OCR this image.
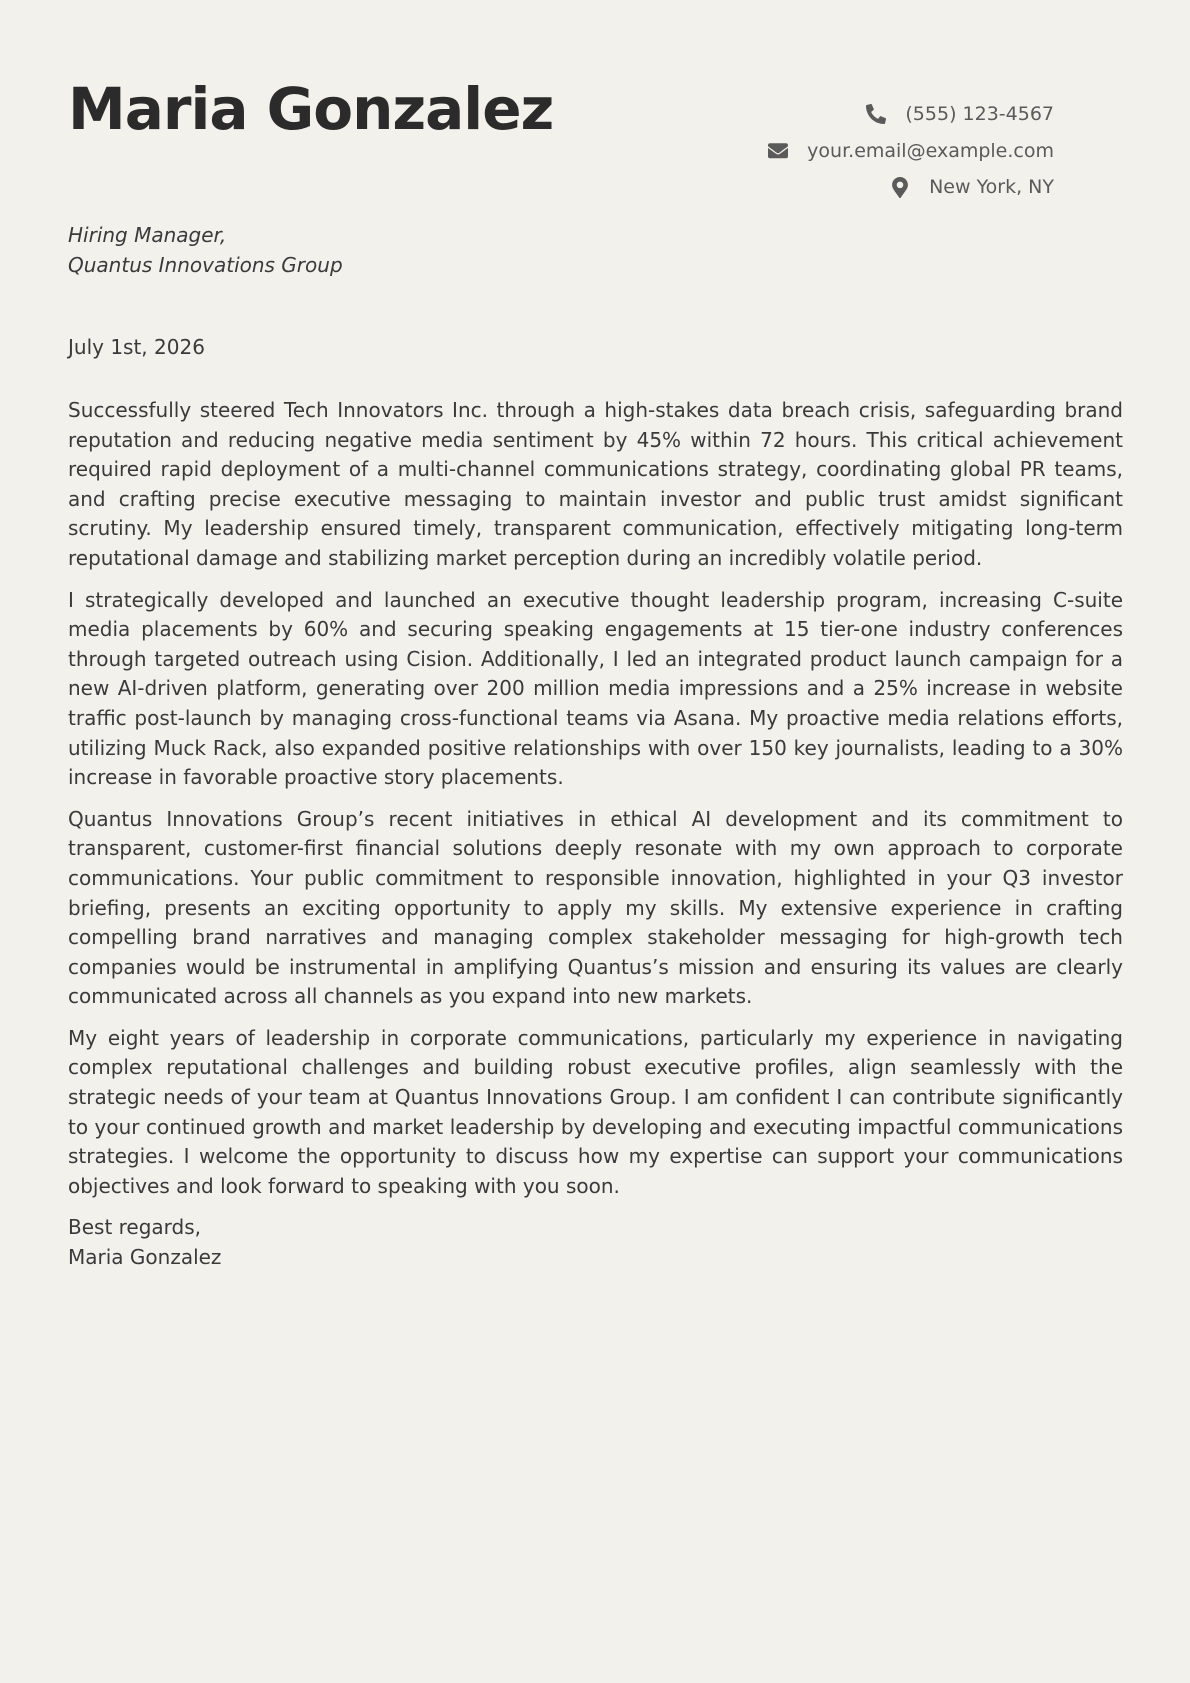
Maria Gonzalez	(555) 123-4567
your.email@example.com
New York, NY
Hiring Manager,
Quantus Innovations Group
July 1st, 2026

Successfully steered Tech Innovators Inc. through a high-stakes data breach crisis, safeguarding brand reputation and reducing negative media sentiment by 45% within 72 hours. This critical achievement required rapid deployment of a multi-channel communications strategy, coordinating global PR teams, and crafting precise executive messaging to maintain investor and public trust amidst significant scrutiny. My leadership ensured timely, transparent communication, effectively mitigating long-term reputational damage and stabilizing market perception during an incredibly volatile period.

I strategically developed and launched an executive thought leadership program, increasing C-suite media placements by 60% and securing speaking engagements at 15 tier-one industry conferences through targeted outreach using Cision. Additionally, I led an integrated product launch campaign for a new AI-driven platform, generating over 200 million media impressions and a 25% increase in website traffic post-launch by managing cross-functional teams via Asana. My proactive media relations efforts, utilizing Muck Rack, also expanded positive relationships with over 150 key journalists, leading to a 30% increase in favorable proactive story placements.

Quantus Innovations Group’s recent initiatives in ethical AI development and its commitment to transparent, customer-first financial solutions deeply resonate with my own approach to corporate communications. Your public commitment to responsible innovation, highlighted in your Q3 investor briefing, presents an exciting opportunity to apply my skills. My extensive experience in crafting compelling brand narratives and managing complex stakeholder messaging for high-growth tech companies would be instrumental in amplifying Quantus’s mission and ensuring its values are clearly communicated across all channels as you expand into new markets.

My eight years of leadership in corporate communications, particularly my experience in navigating complex reputational challenges and building robust executive profiles, align seamlessly with the strategic needs of your team at Quantus Innovations Group. I am confident I can contribute significantly to your continued growth and market leadership by developing and executing impactful communications strategies. I welcome the opportunity to discuss how my expertise can support your communications objectives and look forward to speaking with you soon.

Best regards,
Maria Gonzalez
